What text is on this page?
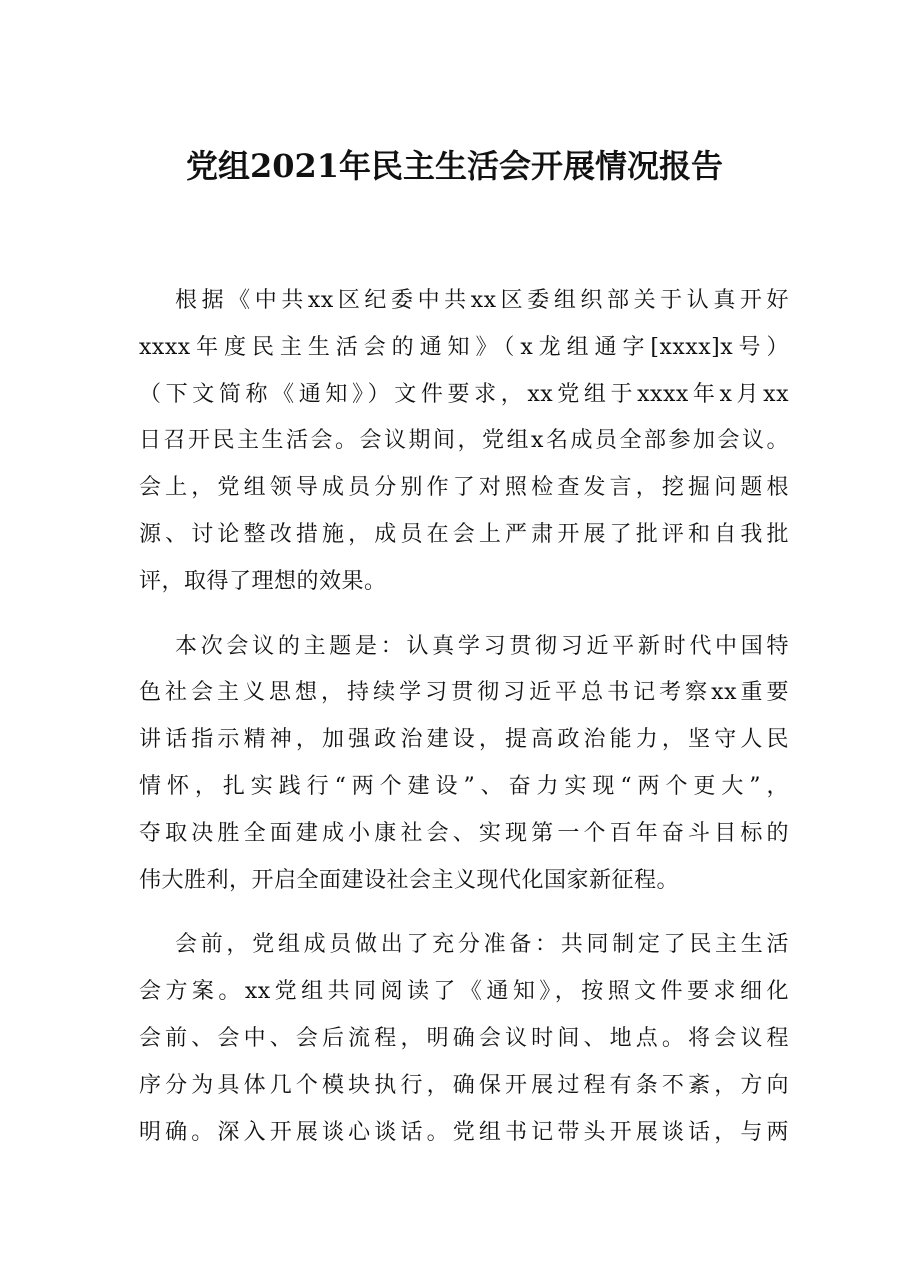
党组2021年民主生活会开展情况报告
根据《中共xx区纪委中共xx区委组织部关于认真开好
xxxx年度民主生活会的通知》（x龙组通字[xxxx]x号）
（下文简称《通知》）文件要求，xx党组于xxxx年x月xx
日召开民主生活会。会议期间，党组x名成员全部参加会议。
会上，党组领导成员分别作了对照检查发言，挖掘问题根
源、讨论整改措施，成员在会上严肃开展了批评和自我批
评，取得了理想的效果。
本次会议的主题是：认真学习贯彻习近平新时代中国特
色社会主义思想，持续学习贯彻习近平总书记考察xx重要
讲话指示精神，加强政治建设，提高政治能力，坚守人民
情怀，扎实践行“两个建设”、奋力实现“两个更大”，
夺取决胜全面建成小康社会、实现第一个百年奋斗目标的
伟大胜利，开启全面建设社会主义现代化国家新征程。
会前，党组成员做出了充分准备：共同制定了民主生活
会方案。xx党组共同阅读了《通知》，按照文件要求细化
会前、会中、会后流程，明确会议时间、地点。将会议程
序分为具体几个模块执行，确保开展过程有条不紊，方向
明确。深入开展谈心谈话。党组书记带头开展谈话，与两
